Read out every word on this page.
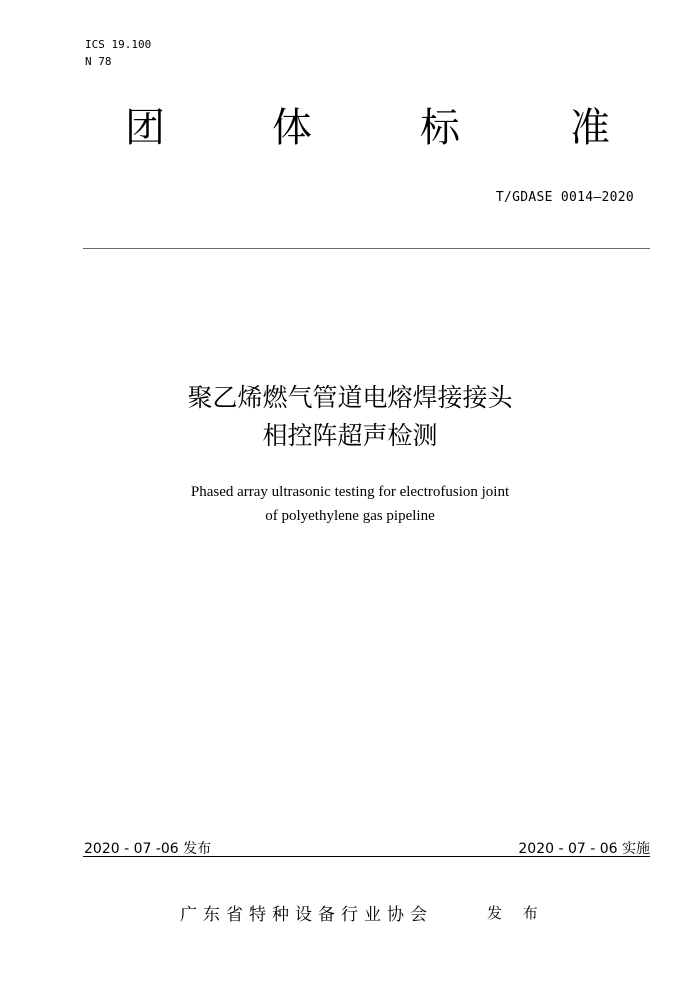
ICS 19.100
N 78
团	体	标	准
T/GDASE 0014—2020
聚乙烯燃气管道电熔焊接接头
相控阵超声检测
Phased array ultrasonic testing for electrofusion joint
of polyethylene gas pipeline
2020 - 07 -06 发布	2020 - 07 - 06 实施
广东省特种设备行业协会	发 布
